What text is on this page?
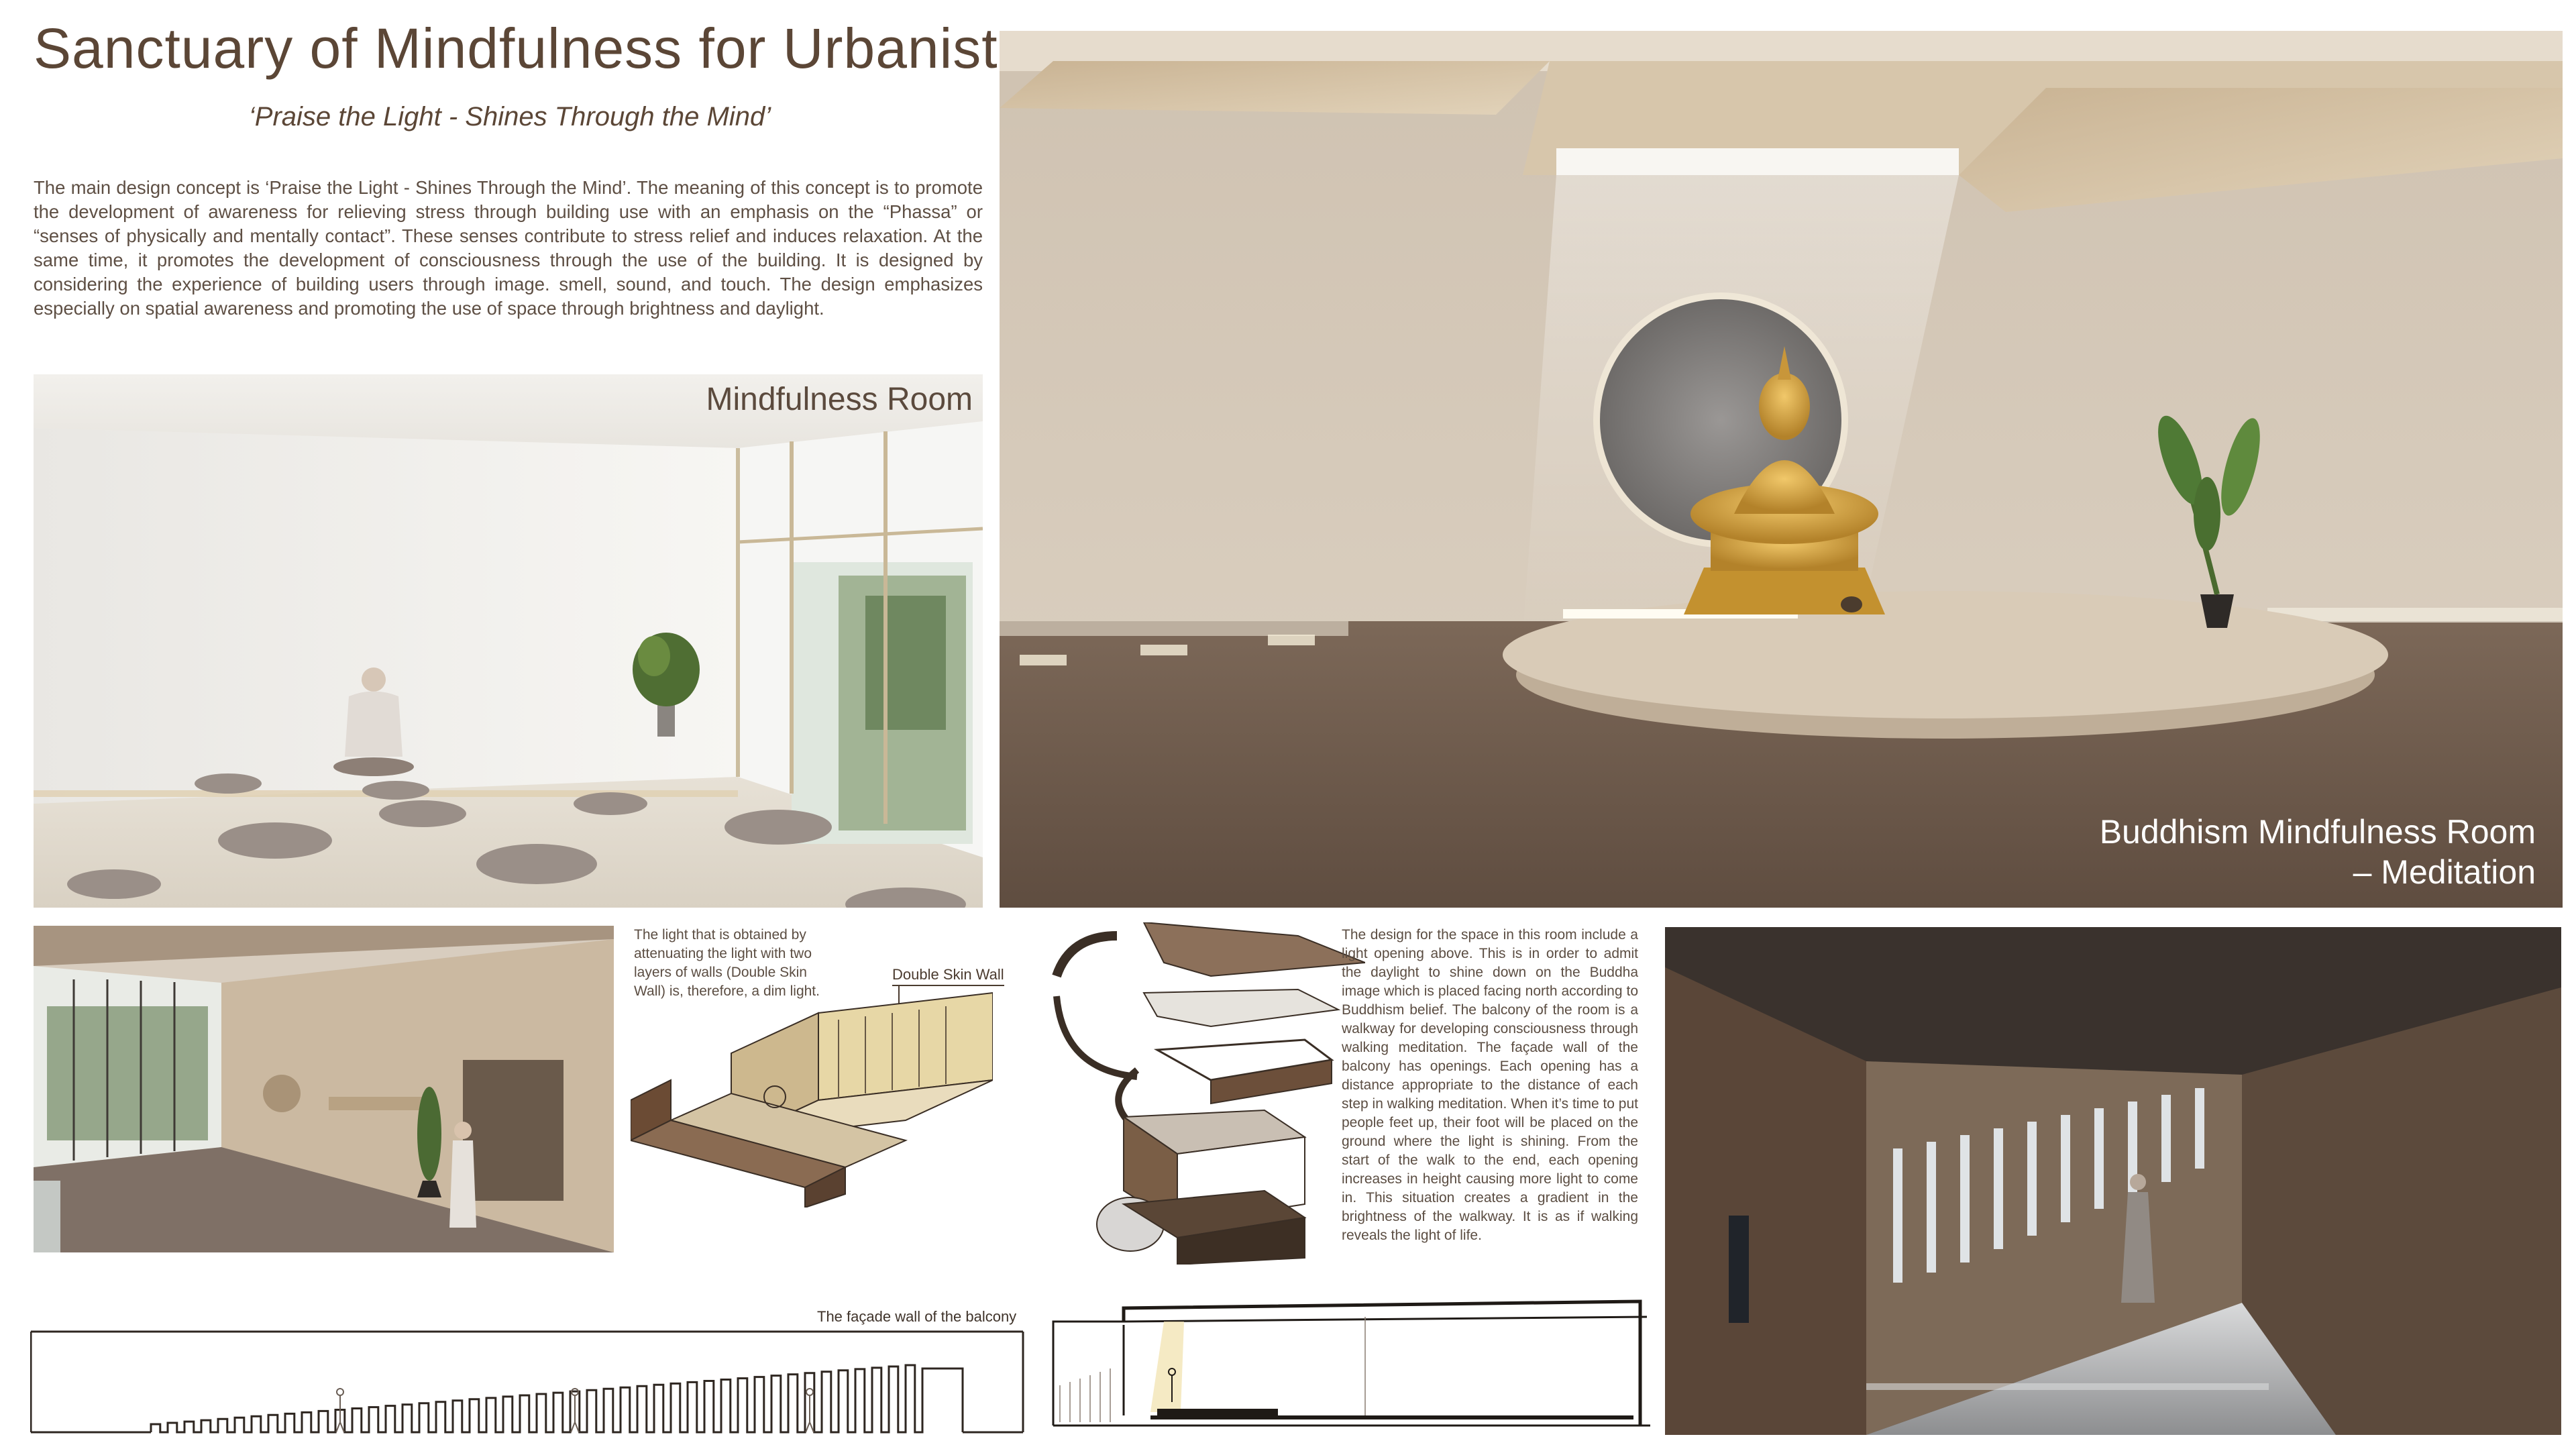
Sanctuary of Mindfulness for Urbanist
‘Praise the Light - Shines Through the Mind’

The main design concept is ‘Praise the Light - Shines Through the Mind’. The meaning of this concept is to promote the development of awareness for relieving stress through building use with an emphasis on the “Phassa” or “senses of physically and mentally contact”. These senses contribute to stress relief and induces relaxation. At the same time, it promotes the development of consciousness through the use of the building. It is designed by considering the experience of building users through image. smell, sound, and touch. The design emphasizes especially on spatial awareness and promoting the use of space through brightness and daylight.

Mindfulness Room
Buddhism Mindfulness Room
– Meditation

The light that is obtained by attenuating the light with two layers of walls (Double Skin Wall) is, therefore, a dim light.

Double Skin Wall

The design for the space in this room include a light opening above. This is in order to admit the daylight to shine down on the Buddha image which is placed facing north according to Buddhism belief. The balcony of the room is a walkway for developing consciousness through walking meditation. The façade wall of the balcony has openings. Each opening has a distance appropriate to the distance of each step in walking meditation. When it’s time to put people feet up, their foot will be placed on the ground where the light is shining. From the start of the walk to the end, each opening increases in height causing more light to come in. This situation creates a gradient in the brightness of the walkway. It is as if walking reveals the light of life.

The façade wall of the balcony
